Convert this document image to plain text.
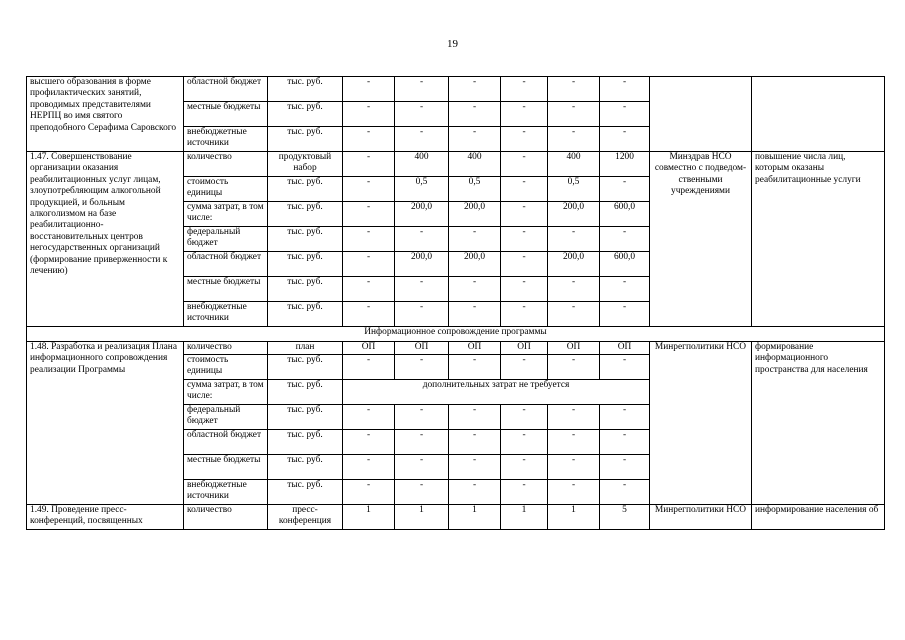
19
высшего образования в форме профилактических занятий, проводимых представителями НЕРПЦ во имя святого преподобного Серафима Саровского	областной бюджет	тыс. руб.	-	-	-	-	-	-		
	местные бюджеты	тыс. руб.	-	-	-	-	-	-		
	внебюджетные источники	тыс. руб.	-	-	-	-	-	-		
1.47. Совершенствование организации оказания реабилитационных услуг лицам, злоупотребляющим алкогольной продукцией, и больным алкоголизмом на базе реабилитационно-восстановительных центров негосударственных организаций (формирование приверженности к лечению)	количество	продуктовый набор	-	400	400	-	400	1200	Минздрав НСО совместно с подведом-ственными учреждениями	повышение числа лиц, которым оказаны реабилитационные услуги
	стоимость единицы	тыс. руб.	-	0,5	0,5	-	0,5	-		
	сумма затрат, в том числе:	тыс. руб.	-	200,0	200,0	-	200,0	600,0		
	федеральный бюджет	тыс. руб.	-	-	-	-	-	-		
	областной бюджет	тыс. руб.	-	200,0	200,0	-	200,0	600,0		
	местные бюджеты	тыс. руб.	-	-	-	-	-	-		
	внебюджетные источники	тыс. руб.	-	-	-	-	-	-		
Информационное сопровождение программы										
1.48. Разработка и реализация Плана информационного сопровождения реализации Программы	количество	план	ОП	ОП	ОП	ОП	ОП	ОП	Минрегполитики НСО	формирование информационного пространства для населения
	стоимость единицы	тыс. руб.	-	-	-	-	-	-		
	сумма затрат, в том числе:	тыс. руб.	дополнительных затрат не требуется							
	федеральный бюджет	тыс. руб.	-	-	-	-	-	-		
	областной бюджет	тыс. руб.	-	-	-	-	-	-		
	местные бюджеты	тыс. руб.	-	-	-	-	-	-		
	внебюджетные источники	тыс. руб.	-	-	-	-	-	-		
1.49. Проведение пресс-конференций, посвященных	количество	пресс-конференция	1	1	1	1	1	5	Минрегполитики НСО	информирование населения об
